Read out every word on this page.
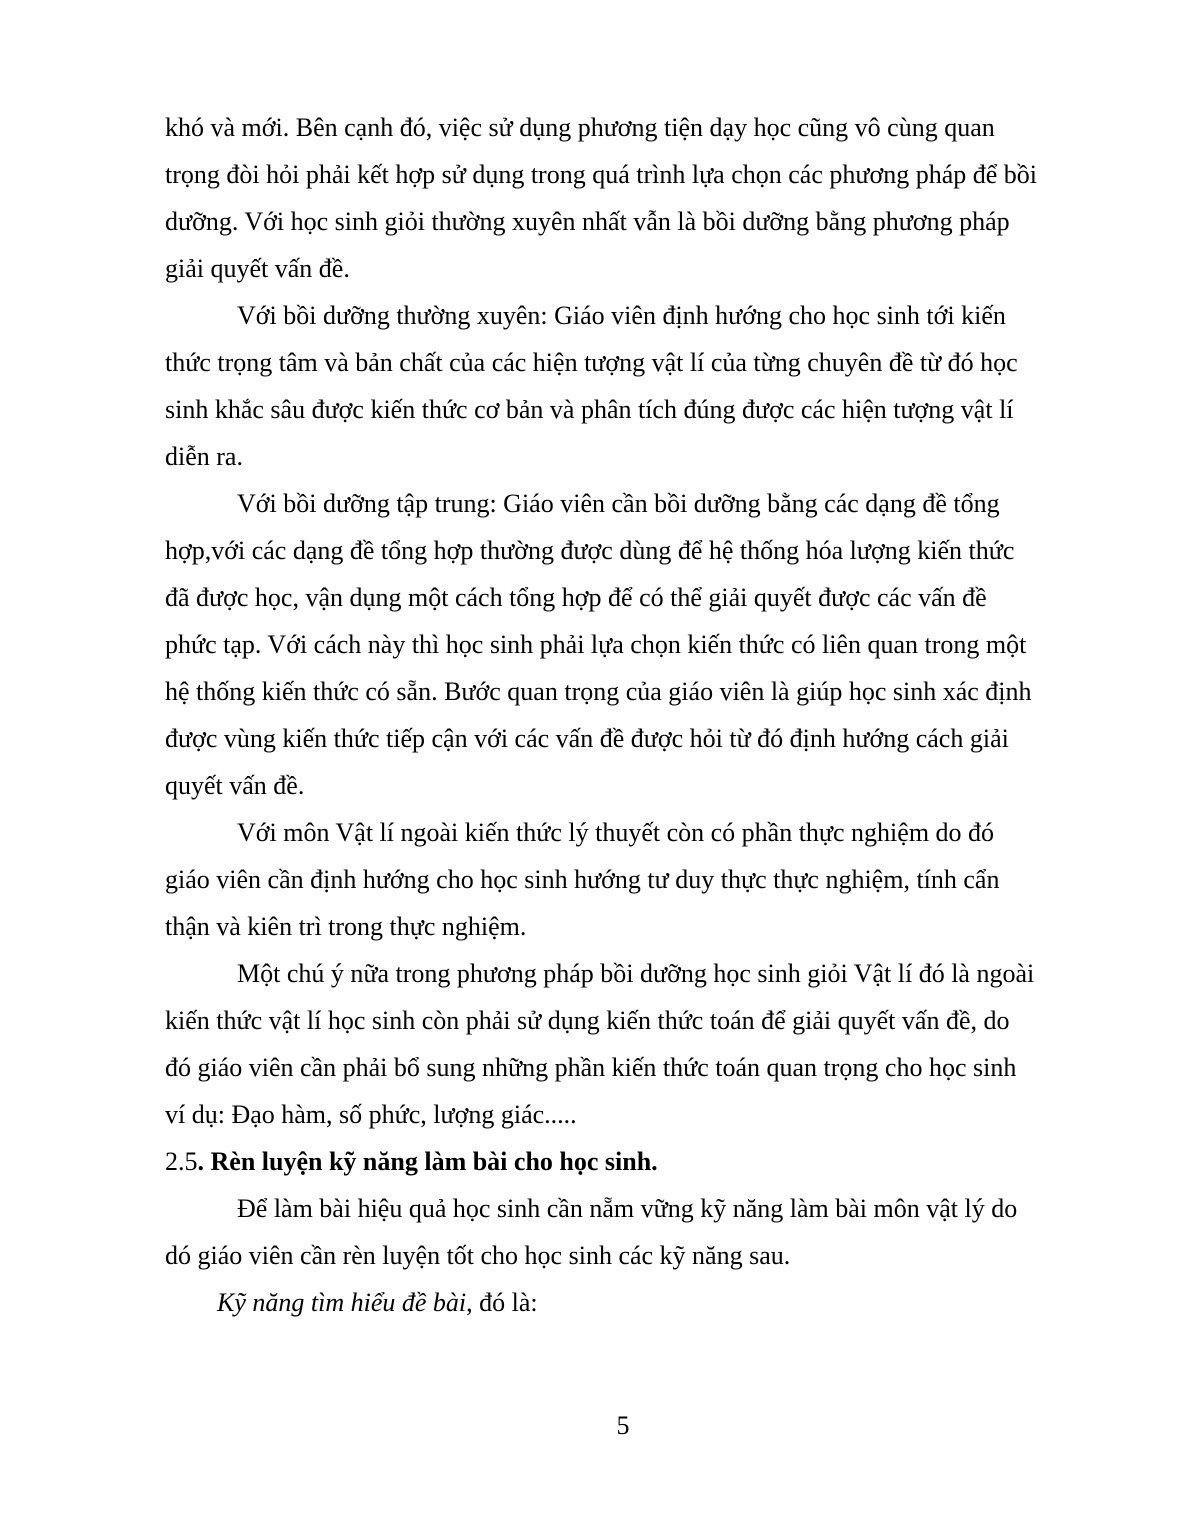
khó và mới. Bên cạnh đó, việc sử dụng phương tiện dạy học cũng vô cùng quan
trọng đòi hỏi phải kết hợp sử dụng trong quá trình lựa chọn các phương pháp để bồi
dưỡng. Với học sinh giỏi thường xuyên nhất vẫn là bồi dưỡng bằng phương pháp
giải quyết vấn đề.
Với bồi dưỡng thường xuyên: Giáo viên định hướng cho học sinh tới kiến
thức trọng tâm và bản chất của các hiện tượng vật lí của từng chuyên đề từ đó học
sinh khắc sâu được kiến thức cơ bản và phân tích đúng được các hiện tượng vật lí
diễn ra.
Với bồi dưỡng tập trung: Giáo viên cần bồi dưỡng bằng các dạng đề tổng
hợp,với các dạng đề tổng hợp thường được dùng để hệ thống hóa lượng kiến thức
đã được học, vận dụng một cách tổng hợp để có thể giải quyết được các vấn đề
phức tạp. Với cách này thì học sinh phải lựa chọn kiến thức có liên quan trong một
hệ thống kiến thức có sẵn. Bước quan trọng của giáo viên là giúp học sinh xác định
được vùng kiến thức tiếp cận với các vấn đề được hỏi từ đó định hướng cách giải
quyết vấn đề.
Với môn Vật lí ngoài kiến thức lý thuyết còn có phần thực nghiệm do đó
giáo viên cần định hướng cho học sinh hướng tư duy thực thực nghiệm, tính cẩn
thận và kiên trì trong thực nghiệm.
Một chú ý nữa trong phương pháp bồi dưỡng học sinh giỏi Vật lí đó là ngoài
kiến thức vật lí học sinh còn phải sử dụng kiến thức toán để giải quyết vấn đề, do
đó giáo viên cần phải bổ sung những phần kiến thức toán quan trọng cho học sinh
ví dụ: Đạo hàm, số phức, lượng giác.....
2.5. Rèn luyện kỹ năng làm bài cho học sinh.
Để làm bài hiệu quả học sinh cần nẵm vững kỹ năng làm bài môn vật lý do
dó giáo viên cần rèn luyện tốt cho học sinh các kỹ năng sau.
Kỹ năng tìm hiểu đề bài, đó là:
5
